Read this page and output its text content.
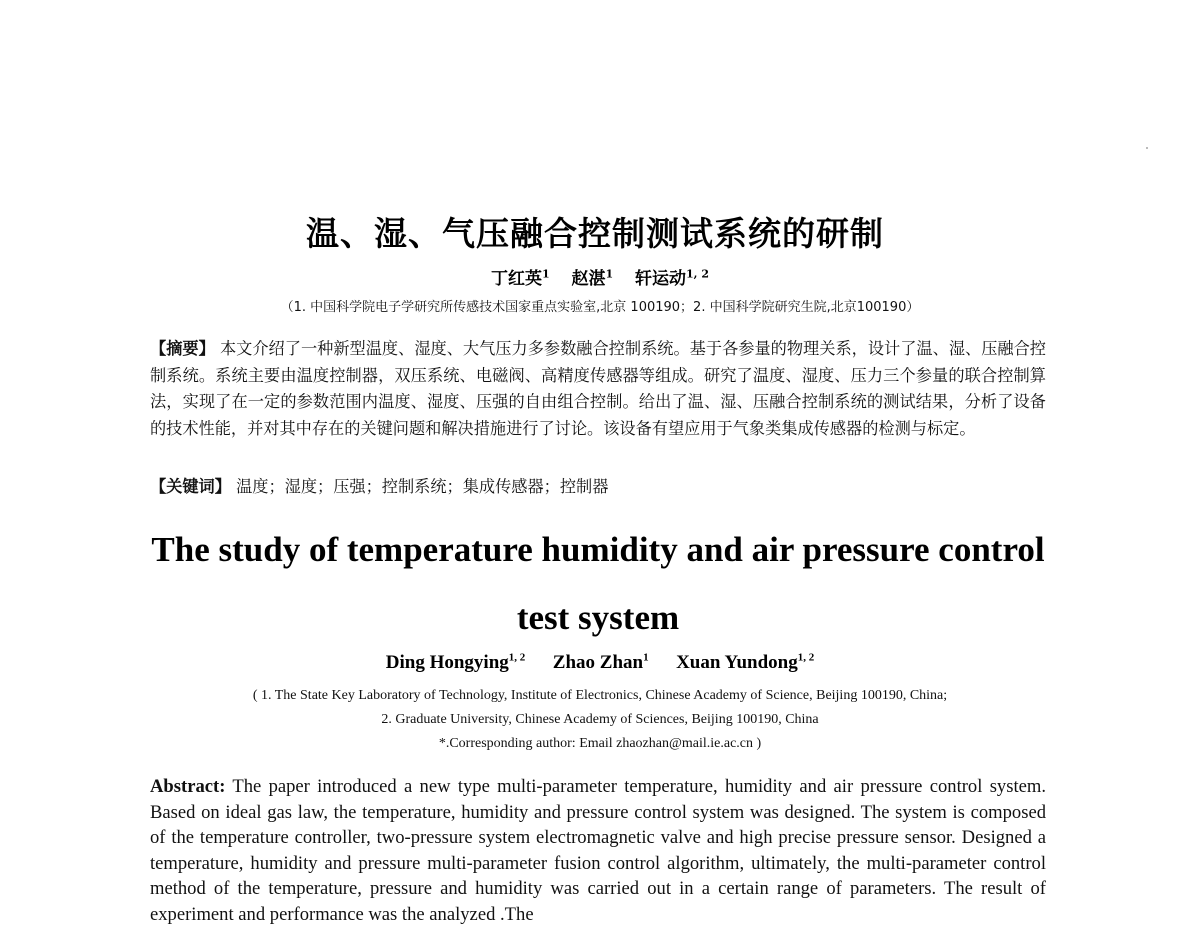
温、湿、气压融合控制测试系统的研制
丁红英$^1$ 赵湛$^1$ 轩运动$^{1, 2}$
（1. 中国科学院电子学研究所传感技术国家重点实验室,北京 100190；2. 中国科学院研究生院,北京100190）
【摘要】 本文介绍了一种新型温度、湿度、大气压力多参数融合控制系统。基于各参量的物理关系，设计了温、湿、压融合控制系统。系统主要由温度控制器，双压系统、电磁阀、高精度传感器等组成。研究了温度、湿度、压力三个参量的联合控制算法，实现了在一定的参数范围内温度、湿度、压强的自由组合控制。给出了温、湿、压融合控制系统的测试结果，分析了设备的技术性能，并对其中存在的关键问题和解决措施进行了讨论。该设备有望应用于气象类集成传感器的检测与标定。
【关键词】 温度；湿度；压强；控制系统；集成传感器；控制器
The study of temperature humidity and air pressure control
test system
Ding Hongying$^{1, 2}$ Zhao Zhan$^1$ Xuan Yundong$^{1, 2}$
( 1. The State Key Laboratory of Technology, Institute of Electronics, Chinese Academy of Science, Beijing 100190, China;
2. Graduate University, Chinese Academy of Sciences, Beijing 100190, China
*.Corresponding author: Email zhaozhan@mail.ie.ac.cn )
Abstract: The paper introduced a new type multi-parameter temperature, humidity and air pressure control system. Based on ideal gas law, the temperature, humidity and pressure control system was designed. The system is composed of the temperature controller, two-pressure system electromagnetic valve and high precise pressure sensor. Designed a temperature, humidity and pressure multi-parameter fusion control algorithm, ultimately, the multi-parameter control method of the temperature, pressure and humidity was carried out in a certain range of parameters. The result of experiment and performance was the analyzed .The
